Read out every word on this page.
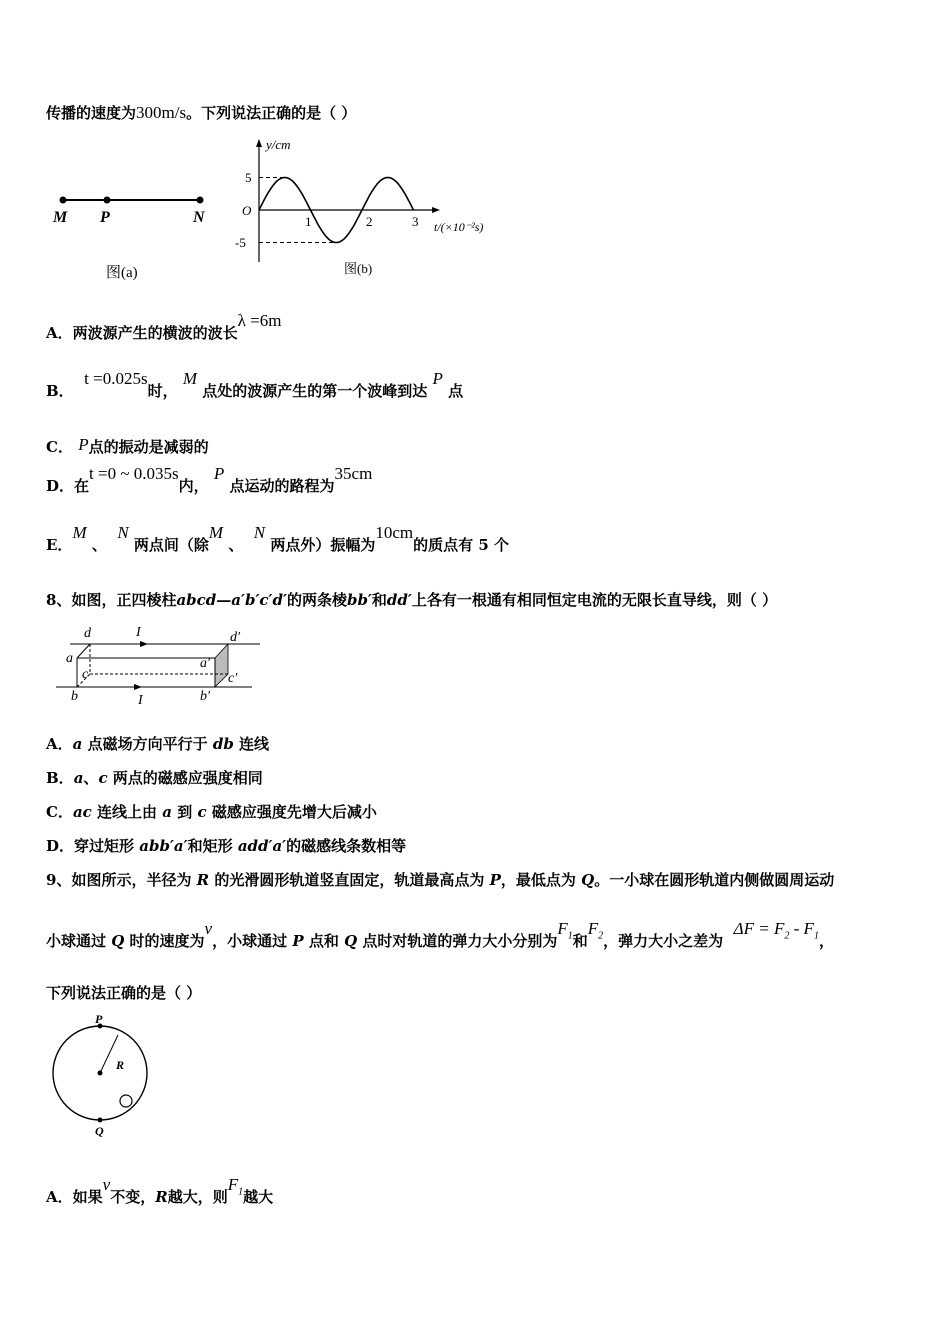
传播的速度为300m/s。下列说法正确的是（ ）
M P	N
图(a)
y/cm
5
O
-5
1	2	3 t/(×10⁻²s)
图(b)
A．两波源产生的横波的波长λ =6m
B．  t =0.025s时， M 点处的波源产生的第一个波峰到达 P 点
C． P点的振动是减弱的
D．在t =0 ~ 0.035s内， P 点运动的路程为35cm
E．M 、  N 两点间（除M 、  N 两点外）振幅为10cm的质点有 5 个
8、如图，正四棱柱abcd—a′b′c′d′的两条棱bb′和dd′上各有一根通有相同恒定电流的无限长直导线，则（ ）
d	I	d′
a	a′
c	c′
b	b′
I
A．a 点磁场方向平行于 db 连线
B．a、c 两点的磁感应强度相同
C．ac 连线上由 a 到 c 磁感应强度先增大后减小
D．穿过矩形 abb′a′和矩形 add′a′的磁感线条数相等
9、如图所示，半径为 R 的光滑圆形轨道竖直固定，轨道最高点为 P，最低点为 Q。一小球在圆形轨道内侧做圆周运动
小球通过 Q 时的速度为v，小球通过 P 点和 Q 点时对轨道的弹力大小分别为$F_1$和$F_2$，弹力大小之差为  $\Delta F = F_2 - F_1$，
下列说法正确的是（ ）
P
R
Q
A．如果v不变，R越大，则$F_1$越大
